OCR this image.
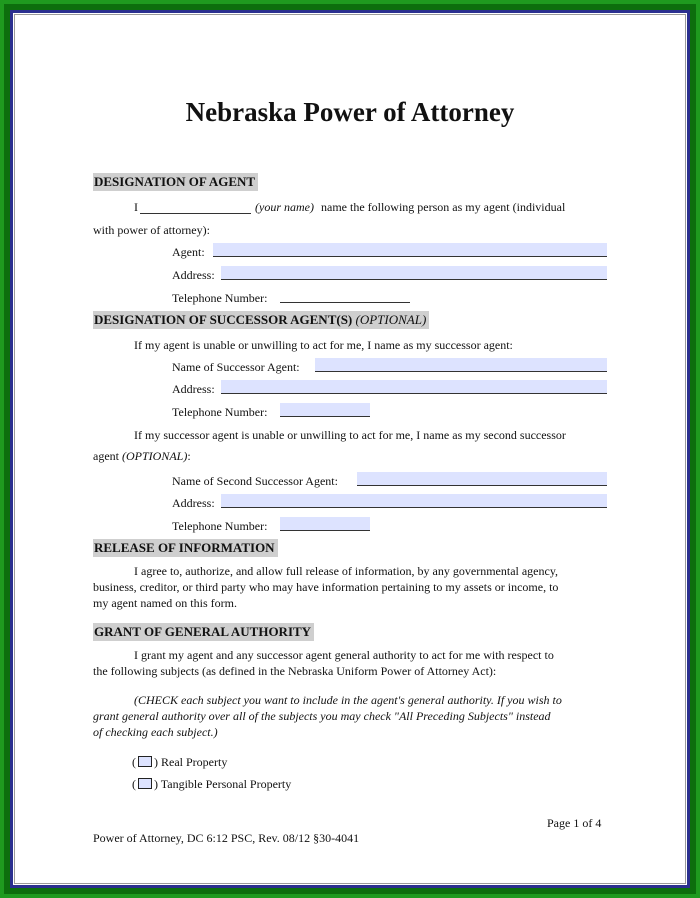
Nebraska Power of Attorney
DESIGNATION OF AGENT
I	(your name) name the following person as my agent (individual
with power of attorney):
Agent:
Address:
Telephone Number:
DESIGNATION OF SUCCESSOR AGENT(S) (OPTIONAL)
If my agent is unable or unwilling to act for me, I name as my successor agent:
Name of Successor Agent:
Address:
Telephone Number:
If my successor agent is unable or unwilling to act for me, I name as my second successor
agent (OPTIONAL):
Name of Second Successor Agent:
Address:
Telephone Number:
RELEASE OF INFORMATION
I agree to, authorize, and allow full release of information, by any governmental agency,
business, creditor, or third party who may have information pertaining to my assets or income, to
my agent named on this form.
GRANT OF GENERAL AUTHORITY
I grant my agent and any successor agent general authority to act for me with respect to
the following subjects (as defined in the Nebraska Uniform Power of Attorney Act):
(CHECK each subject you want to include in the agent's general authority. If you wish to
grant general authority over all of the subjects you may check "All Preceding Subjects" instead
of checking each subject.)
( ) Real Property
( ) Tangible Personal Property
Page 1 of 4
Power of Attorney, DC 6:12 PSC, Rev. 08/12 §30-4041
